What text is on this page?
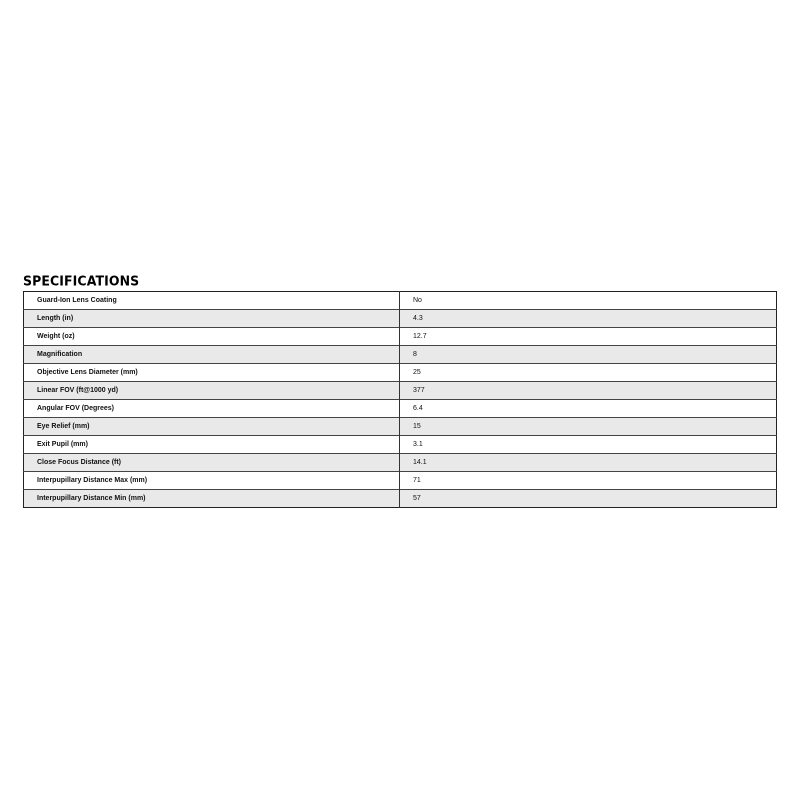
SPECIFICATIONS
Guard-Ion Lens Coating	No
Length (in)	4.3
Weight (oz)	12.7
Magnification	8
Objective Lens Diameter (mm)	25
Linear FOV (ft@1000 yd)	377
Angular FOV (Degrees)	6.4
Eye Relief (mm)	15
Exit Pupil (mm)	3.1
Close Focus Distance (ft)	14.1
Interpupillary Distance Max (mm)	71
Interpupillary Distance Min (mm)	57
